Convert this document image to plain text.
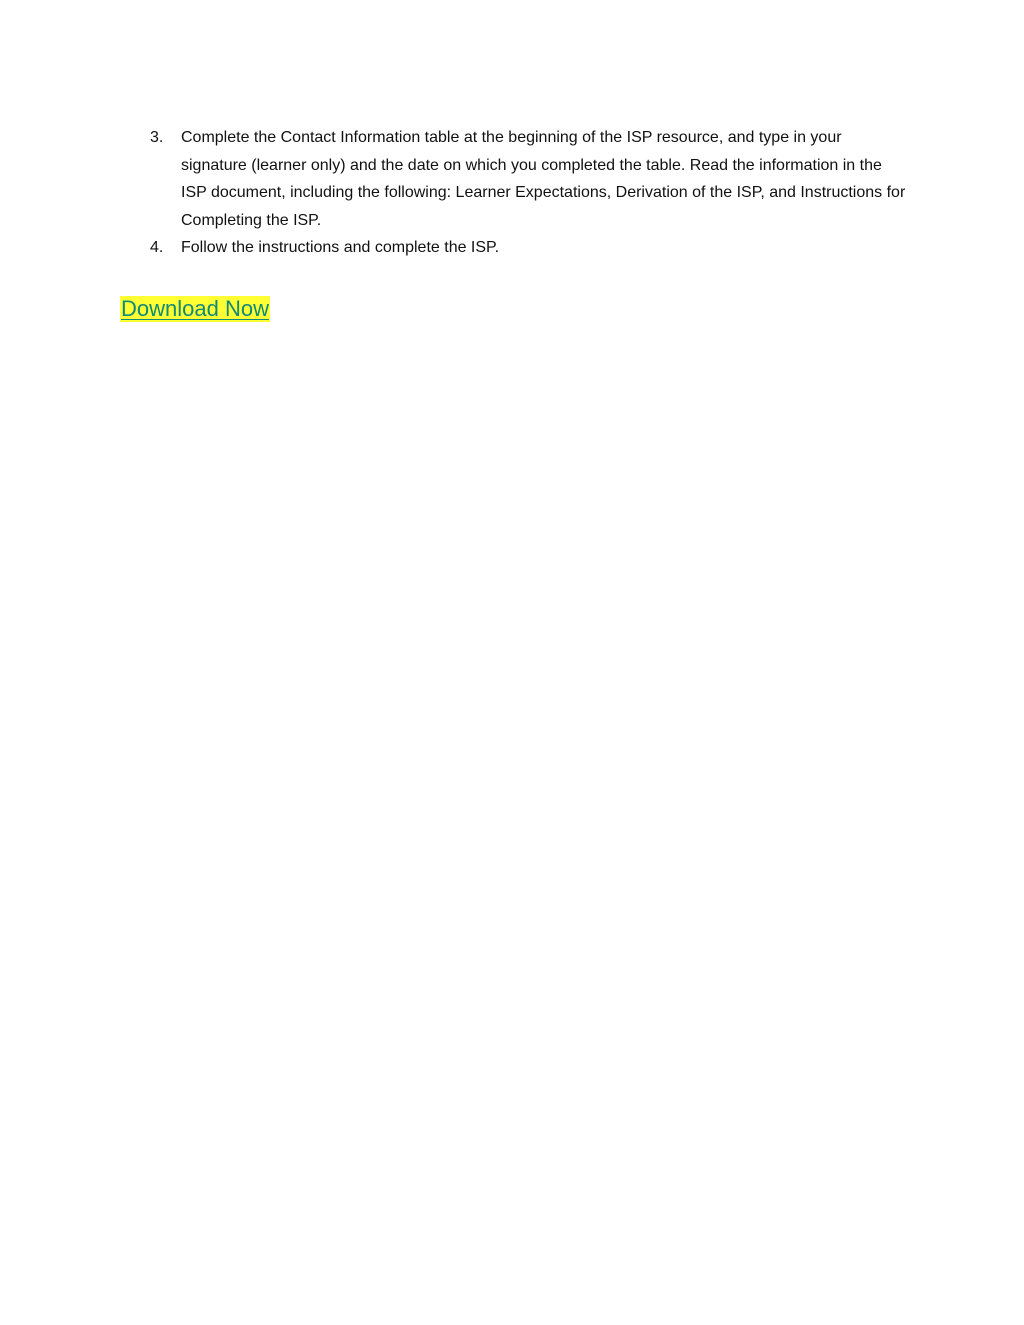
3.	Complete the Contact Information table at the beginning of the ISP resource, and type in your signature (learner only) and the date on which you completed the table. Read the information in the ISP document, including the following: Learner Expectations, Derivation of the ISP, and Instructions for Completing the ISP.
4.	Follow the instructions and complete the ISP.
Download Now
